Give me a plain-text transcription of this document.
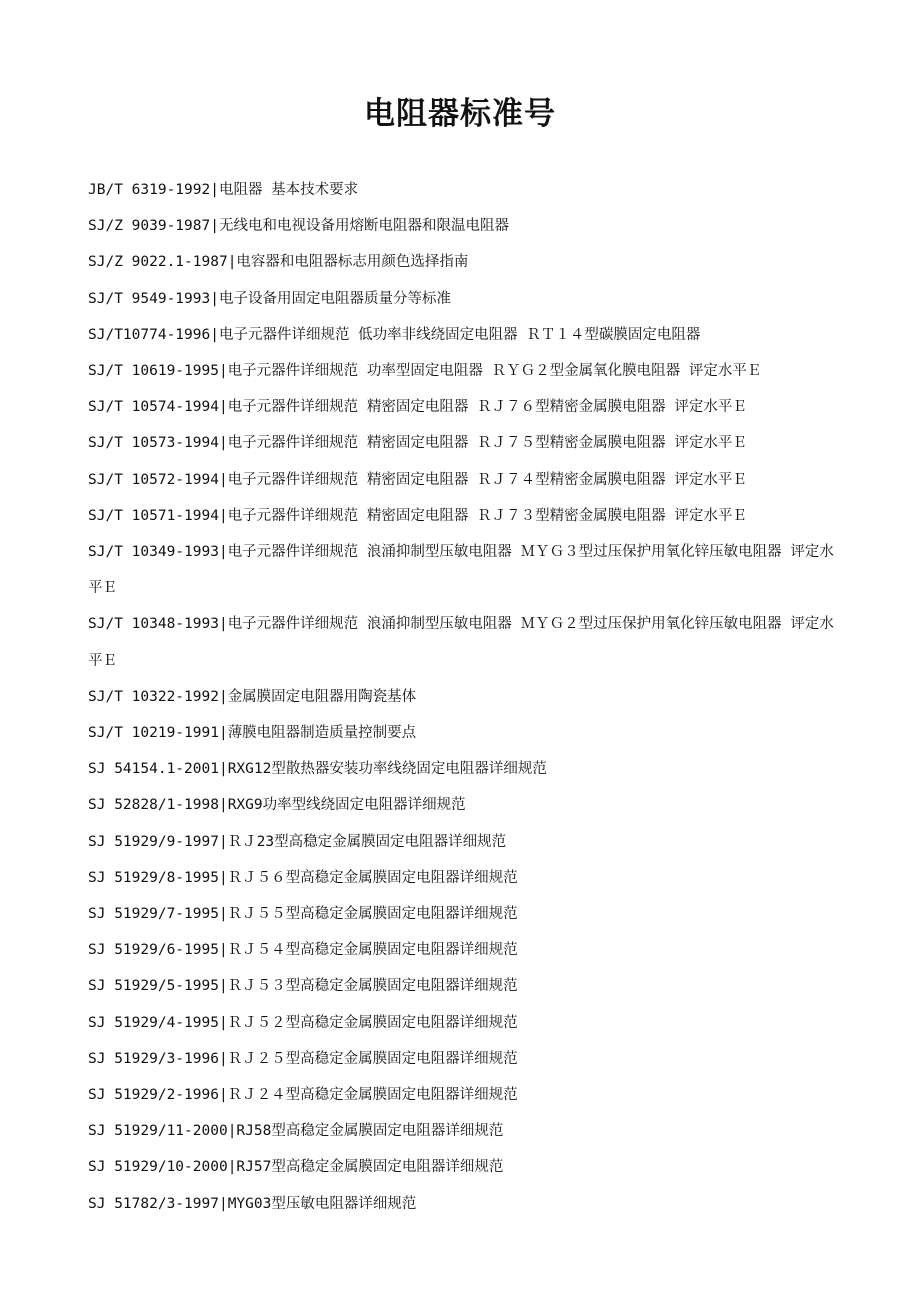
电阻器标准号
JB/T 6319-1992|电阻器 基本技术要求
SJ/Z 9039-1987|无线电和电视设备用熔断电阻器和限温电阻器
SJ/Z 9022.1-1987|电容器和电阻器标志用颜色选择指南
SJ/T 9549-1993|电子设备用固定电阻器质量分等标准
SJ/T10774-1996|电子元器件详细规范 低功率非线绕固定电阻器 ＲＴ１４型碳膜固定电阻器
SJ/T 10619-1995|电子元器件详细规范 功率型固定电阻器 ＲＹＧ２型金属氧化膜电阻器 评定水平Ｅ
SJ/T 10574-1994|电子元器件详细规范 精密固定电阻器 ＲＪ７６型精密金属膜电阻器 评定水平Ｅ
SJ/T 10573-1994|电子元器件详细规范 精密固定电阻器 ＲＪ７５型精密金属膜电阻器 评定水平Ｅ
SJ/T 10572-1994|电子元器件详细规范 精密固定电阻器 ＲＪ７４型精密金属膜电阻器 评定水平Ｅ
SJ/T 10571-1994|电子元器件详细规范 精密固定电阻器 ＲＪ７３型精密金属膜电阻器 评定水平Ｅ
SJ/T 10349-1993|电子元器件详细规范 浪涌抑制型压敏电阻器 ＭＹＧ３型过压保护用氧化锌压敏电阻器 评定水平Ｅ
SJ/T 10348-1993|电子元器件详细规范 浪涌抑制型压敏电阻器 ＭＹＧ２型过压保护用氧化锌压敏电阻器 评定水平Ｅ
SJ/T 10322-1992|金属膜固定电阻器用陶瓷基体
SJ/T 10219-1991|薄膜电阻器制造质量控制要点
SJ 54154.1-2001|RXG12型散热器安装功率线绕固定电阻器详细规范
SJ 52828/1-1998|RXG9功率型线绕固定电阻器详细规范
SJ 51929/9-1997|ＲＪ23型高稳定金属膜固定电阻器详细规范
SJ 51929/8-1995|ＲＪ５６型高稳定金属膜固定电阻器详细规范
SJ 51929/7-1995|ＲＪ５５型高稳定金属膜固定电阻器详细规范
SJ 51929/6-1995|ＲＪ５４型高稳定金属膜固定电阻器详细规范
SJ 51929/5-1995|ＲＪ５３型高稳定金属膜固定电阻器详细规范
SJ 51929/4-1995|ＲＪ５２型高稳定金属膜固定电阻器详细规范
SJ 51929/3-1996|ＲＪ２５型高稳定金属膜固定电阻器详细规范
SJ 51929/2-1996|ＲＪ２４型高稳定金属膜固定电阻器详细规范
SJ 51929/11-2000|RJ58型高稳定金属膜固定电阻器详细规范
SJ 51929/10-2000|RJ57型高稳定金属膜固定电阻器详细规范
SJ 51782/3-1997|MYG03型压敏电阻器详细规范
